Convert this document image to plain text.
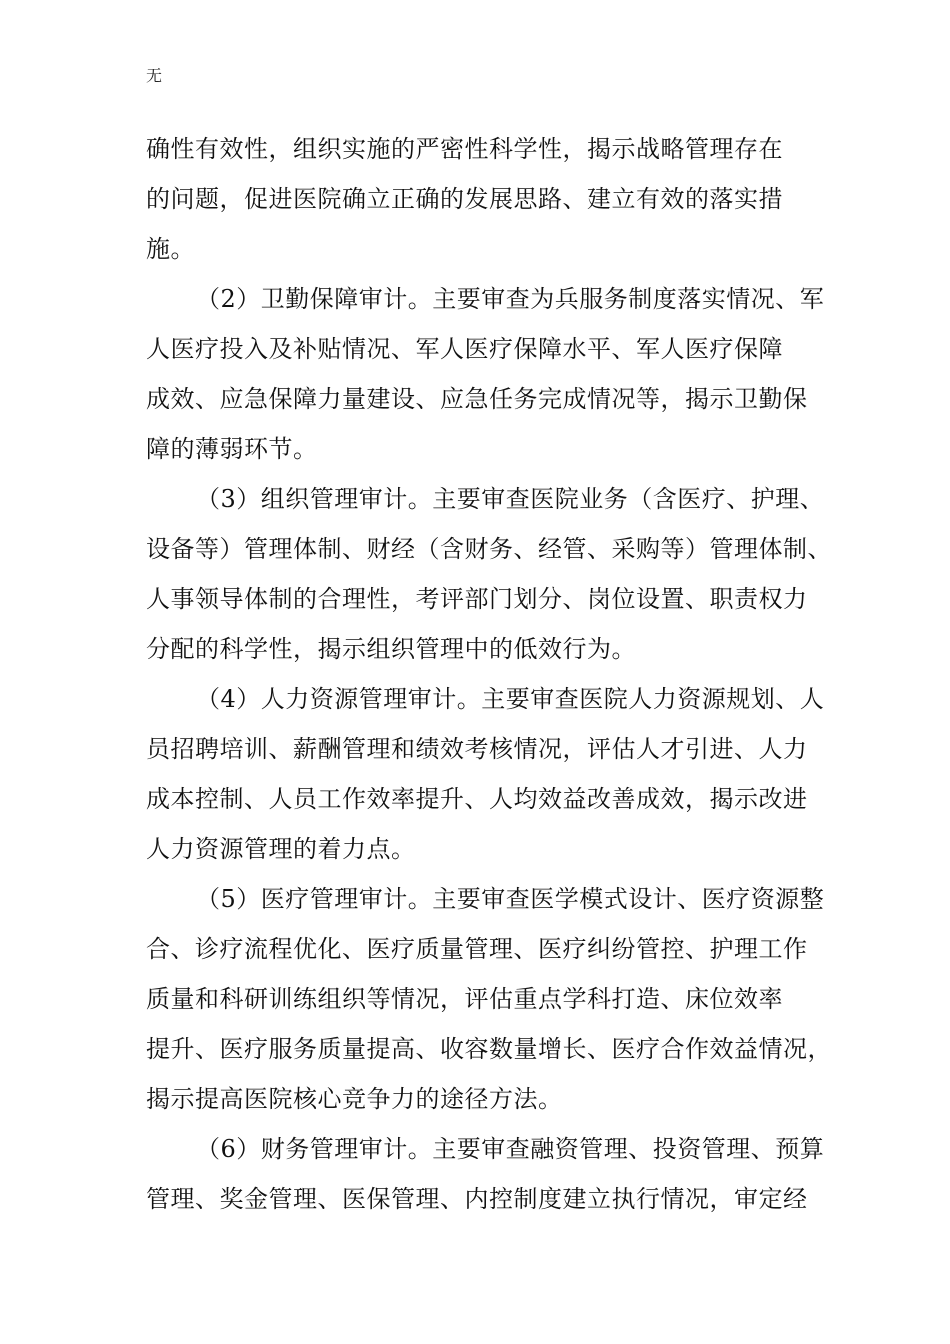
无
确性有效性，组织实施的严密性科学性，揭示战略管理存在
的问题，促进医院确立正确的发展思路、建立有效的落实措
施。
（2）卫勤保障审计。主要审查为兵服务制度落实情况、军
人医疗投入及补贴情况、军人医疗保障水平、军人医疗保障
成效、应急保障力量建设、应急任务完成情况等，揭示卫勤保
障的薄弱环节。
（3）组织管理审计。主要审查医院业务（含医疗、护理、
设备等）管理体制、财经（含财务、经管、采购等）管理体制、
人事领导体制的合理性，考评部门划分、岗位设置、职责权力
分配的科学性，揭示组织管理中的低效行为。
（4）人力资源管理审计。主要审查医院人力资源规划、人
员招聘培训、薪酬管理和绩效考核情况，评估人才引进、人力
成本控制、人员工作效率提升、人均效益改善成效，揭示改进
人力资源管理的着力点。
（5）医疗管理审计。主要审查医学模式设计、医疗资源整
合、诊疗流程优化、医疗质量管理、医疗纠纷管控、护理工作
质量和科研训练组织等情况，评估重点学科打造、床位效率
提升、医疗服务质量提高、收容数量增长、医疗合作效益情况，
揭示提高医院核心竞争力的途径方法。
（6）财务管理审计。主要审查融资管理、投资管理、预算
管理、奖金管理、医保管理、内控制度建立执行情况，审定经
